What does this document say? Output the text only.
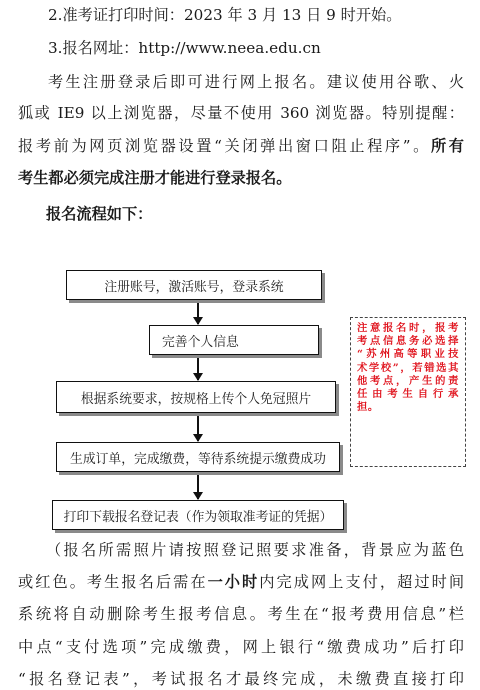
2.准考证打印时间：2023 年 3 月 13 日 9 时开始。
3.报名网址：http://www.neea.edu.cn
考生注册登录后即可进行网上报名。建议使用谷歌、火
狐或 IE9 以上浏览器，尽量不使用 360 浏览器。特别提醒：
报考前为网页浏览器设置“关闭弹出窗口阻止程序”。所有
考生都必须完成注册才能进行登录报名。
报名流程如下：
注册账号，激活账号，登录系统
完善个人信息
根据系统要求，按规格上传个人免冠照片
生成订单，完成缴费，等待系统提示缴费成功
打印下载报名登记表（作为领取准考证的凭据）
注意报名时，报考
考点信息务必选择
“苏州高等职业技
术学校”，若错选其
他考点，产生的责
任 由 考 生 自 行 承
担。
（报名所需照片请按照登记照要求准备，背景应为蓝色
或红色。考生报名后需在一小时内完成网上支付，超过时间
系统将自动删除考生报考信息。考生在“报考费用信息”栏
中点“支付选项”完成缴费，网上银行“缴费成功”后打印
“报名登记表”，考试报名才最终完成，未缴费直接打印
